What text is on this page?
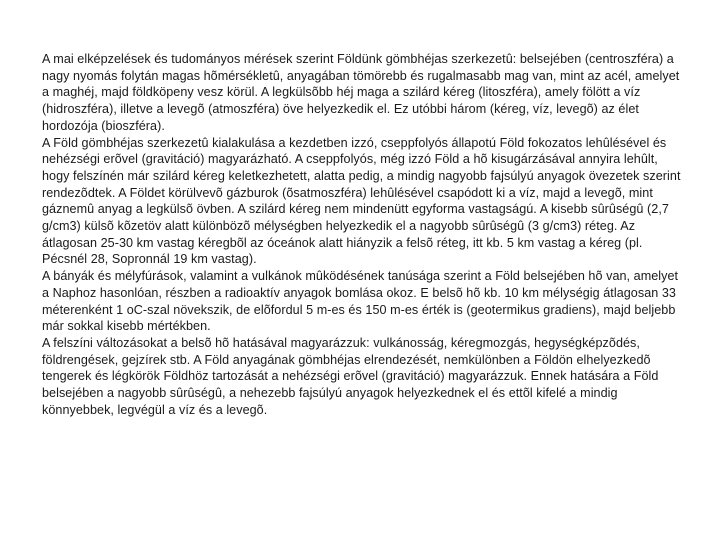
A mai elképzelések és tudományos mérések szerint Földünk gömbhéjas szerkezetû: belsejében (centroszféra) a nagy nyomás folytán magas hõmérsékletû, anyagában tömörebb és rugalmasabb mag van, mint az acél, amelyet a maghéj, majd földköpeny vesz körül. A legkülsõbb héj maga a szilárd kéreg (litoszféra), amely fölött a víz (hidroszféra), illetve a levegõ (atmoszféra) öve helyezkedik el. Ez utóbbi három (kéreg, víz, levegõ) az élet hordozója (bioszféra).

A Föld gömbhéjas szerkezetû kialakulása a kezdetben izzó, cseppfolyós állapotú Föld fokozatos lehûlésével és nehézségi erõvel (gravitáció) magyarázható. A cseppfolyós, még izzó Föld a hõ kisugárzásával annyira lehûlt, hogy felszínén már szilárd kéreg keletkezhetett, alatta pedig, a mindig nagyobb fajsúlyú anyagok övezetek szerint rendezõdtek. A Földet körülvevõ gázburok (õsatmoszféra) lehûlésével csapódott ki a víz, majd a levegõ, mint gáznemû anyag a legkülsõ övben. A szilárd kéreg nem mindenütt egyforma vastagságú. A kisebb sûrûségû (2,7 g/cm3) külsõ kõzetöv alatt különbözõ mélységben helyezkedik el a nagyobb sûrûségû (3 g/cm3) réteg. Az átlagosan 25-30 km vastag kéregbõl az óceánok alatt hiányzik a felsõ réteg, itt kb. 5 km vastag a kéreg (pl. Pécsnél 28, Sopronnál 19 km vastag).

A bányák és mélyfúrások, valamint a vulkánok mûködésének tanúsága szerint a Föld belsejében hõ van, amelyet a Naphoz hasonlóan, részben a radioaktív anyagok bomlása okoz. E belsõ hõ kb. 10 km mélységig átlagosan 33 méterenként 1 oC-szal növekszik, de elõfordul 5 m-es és 150 m-es érték is (geotermikus gradiens), majd beljebb már sokkal kisebb mértékben.

A felszíni változásokat a belsõ hõ hatásával magyarázzuk: vulkánosság, kéregmozgás, hegységképzõdés, földrengések, gejzírek stb. A Föld anyagának gömbhéjas elrendezését, nemkülönben a Földön elhelyezkedõ tengerek és légkörök Földhöz tartozását a nehézségi erõvel (gravitáció) magyarázzuk. Ennek hatására a Föld belsejében a nagyobb sûrûségû, a nehezebb fajsúlyú anyagok helyezkednek el és ettõl kifelé a mindig könnyebbek, legvégül a víz és a levegõ.
